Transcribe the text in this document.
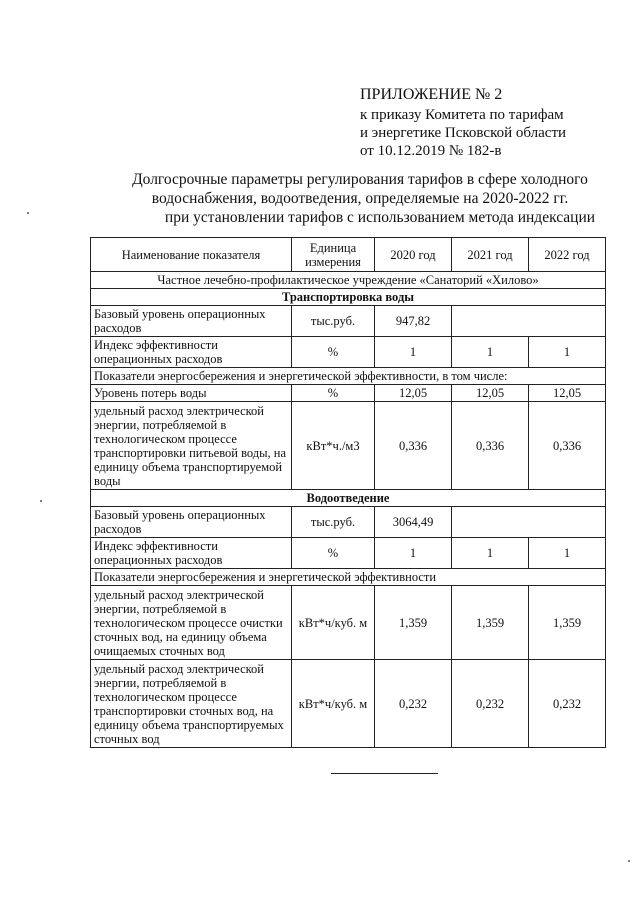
ПРИЛОЖЕНИЕ № 2
к приказу Комитета по тарифам
и энергетике Псковской области
от 10.12.2019 № 182-в
Долгосрочные параметры регулирования тарифов в сфере холодного
водоснабжения, водоотведения, определяемые на 2020-2022 гг.
при установлении тарифов с использованием метода индексации
Наименование показателя	Единица измерения	2020 год	2021 год	2022 год
Частное лечебно-профилактическое учреждение «Санаторий «Хилово»				
Транспортировка воды				
Базовый уровень операционных расходов	тыс.руб.	947,82		
Индекс эффективности операционных расходов	%	1	1	1
Показатели энергосбережения и энергетической эффективности, в том числе:				
Уровень потерь воды	%	12,05	12,05	12,05
удельный расход электрической энергии, потребляемой в технологическом процессе транспортировки питьевой воды, на единицу объема транспортируемой воды	кВт*ч./м3	0,336	0,336	0,336
Водоотведение				
Базовый уровень операционных расходов	тыс.руб.	3064,49		
Индекс эффективности операционных расходов	%	1	1	1
Показатели энергосбережения и энергетической эффективности				
удельный расход электрической энергии, потребляемой в технологическом процессе очистки сточных вод, на единицу объема очищаемых сточных вод	кВт*ч/куб. м	1,359	1,359	1,359
удельный расход электрической энергии, потребляемой в технологическом процессе транспортировки сточных вод, на единицу объема транспортируемых сточных вод	кВт*ч/куб. м	0,232	0,232	0,232
